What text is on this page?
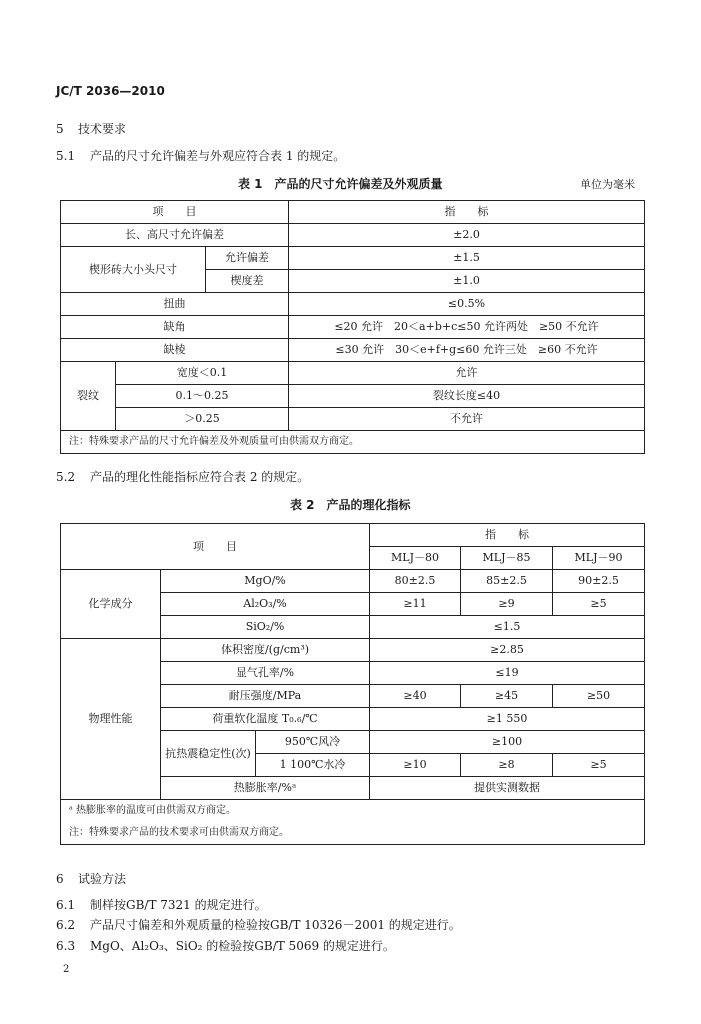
JC/T 2036—2010
5 技术要求
5.1 产品的尺寸允许偏差与外观应符合表 1 的规定。
表 1　产品的尺寸允许偏差及外观质量	单位为毫米
项　　目			指　　标
长、高尺寸允许偏差			±2.0
楔形砖大小头尺寸		允许偏差	±1.5
		楔度差	±1.0
扭曲			≤0.5%
缺角			≤20 允许　20＜a+b+c≤50 允许两处　≥50 不允许
缺棱			≤30 允许　30＜e+f+g≤60 允许三处　≥60 不允许
裂纹	宽度＜0.1		允许
	0.1～0.25		裂纹长度≤40
	＞0.25		不允许
注：特殊要求产品的尺寸允许偏差及外观质量可由供需双方商定。			
5.2 产品的理化性能指标应符合表 2 的规定。
表 2　产品的理化指标
项　　目			指　　标		
			MLJ－80	MLJ－85	MLJ－90
化学成分	MgO/%		80±2.5	85±2.5	90±2.5
	Al₂O₃/%		≥11	≥9	≥5
	SiO₂/%		≤1.5		
物理性能	体积密度/(g/cm³)		≥2.85		
	显气孔率/%		≤19		
	耐压强度/MPa		≥40	≥45	≥50
	荷重软化温度 T₀.₆/℃		≥1 550		
	抗热震稳定性(次)	950℃风冷	≥100		
		1 100℃水冷	≥10	≥8	≥5
	热膨胀率/%ᵃ		提供实测数据		
ᵃ 热膨胀率的温度可由供需双方商定。					
注：特殊要求产品的技术要求可由供需双方商定。					
6 试验方法
6.1 制样按GB/T 7321 的规定进行。
6.2 产品尺寸偏差和外观质量的检验按GB/T 10326－2001 的规定进行。
6.3 MgO、Al₂O₃、SiO₂ 的检验按GB/T 5069 的规定进行。
2
